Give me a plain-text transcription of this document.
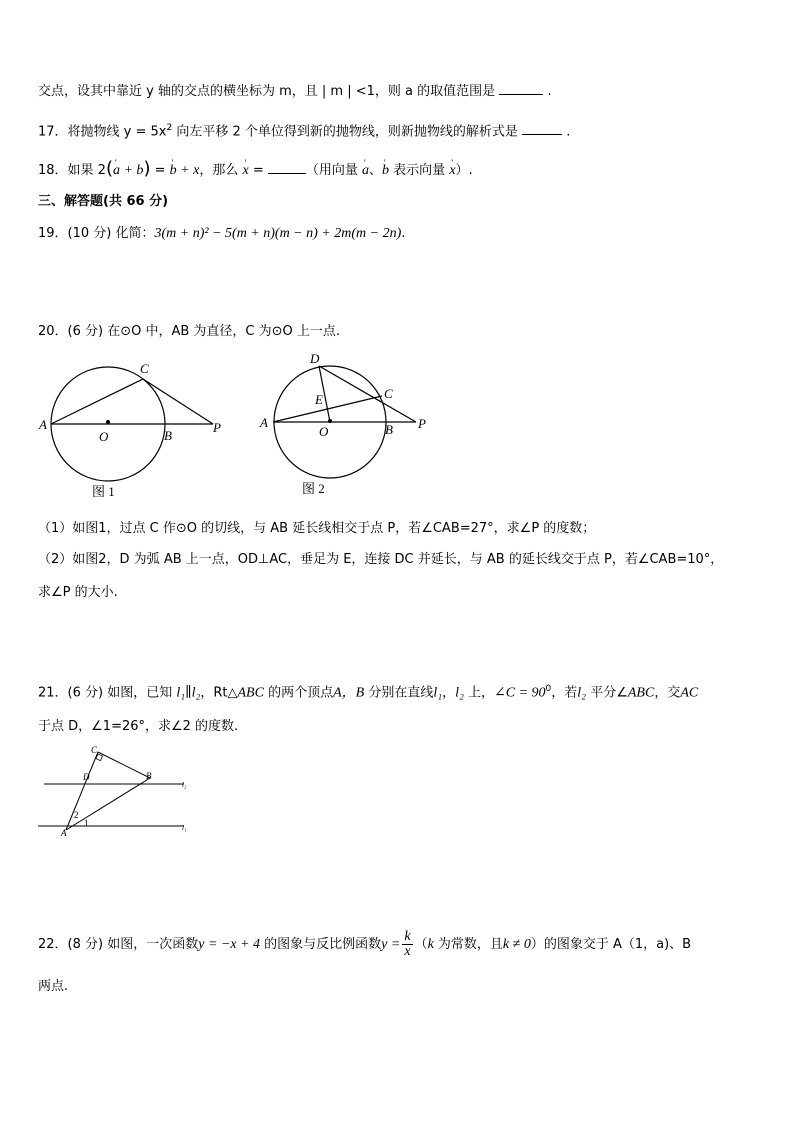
交点，设其中靠近 y 轴的交点的横坐标为 m，且 | m | <1，则 a 的取值范围是	.
17．将抛物线 $y = 5x^2$ 向左平移 2 个单位得到新的抛物线，则新抛物线的解析式是	.
18．如果 2(' a + b) = ' b + x，那么 ' x =	（用向量 ' a、' b 表示向量 ' x）.
三、解答题(共 66 分)
19．(10 分) 化简：3(m + n)² − 5(m + n)(m − n) + 2m(m − 2n).
20．(6 分) 在⊙O 中，AB 为直径，C 为⊙O 上一点.
A
O	B
P
C
图 1
A
O	B P
C
D
E
图 2
（1）如图1，过点 C 作⊙O 的切线，与 AB 延长线相交于点 P，若∠CAB=27°，求∠P 的度数；
（2）如图2，D 为弧 AB 上一点，OD⊥AC，垂足为 E，连接 DC 并延长，与 AB 的延长线交于点 P，若∠CAB=10°，
求∠P 的大小.
21．(6 分) 如图，已知 l₁∥l₂，Rt△ABC 的两个顶点A，B 分别在直线l₁，l₂ 上，∠C = $90^0$，若l₂ 平分∠ABC，交AC
于点 D，∠1=26°，求∠2 的度数.
C
D	B
A
1
2
l₂
l₁
22．(8 分) 如图，一次函数y = −x + 4 的图象与反比例函数$y = \frac{k}{x} (k$ 为常数，且k ≠ 0）的图象交于 A（1，a)、B
两点.
